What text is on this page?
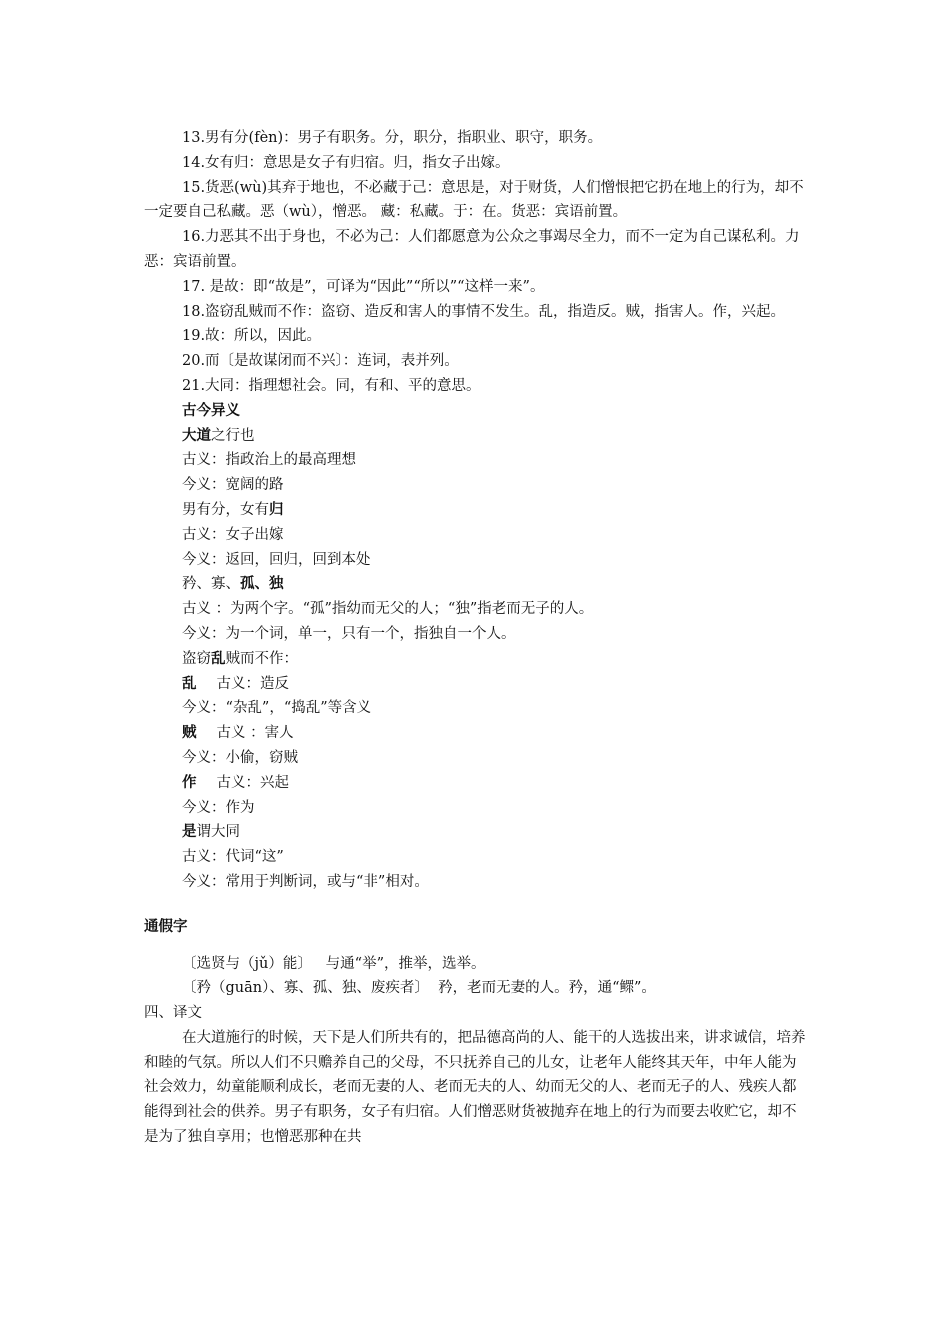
13.男有分(fèn)：男子有职务。分，职分，指职业、职守，职务。

14.女有归：意思是女子有归宿。归，指女子出嫁。

15.货恶(wù)其弃于地也，不必藏于己：意思是，对于财货，人们憎恨把它扔在地上的行为，却不一定要自己私藏。恶（wù），憎恶。 藏：私藏。于：在。货恶：宾语前置。

16.力恶其不出于身也，不必为己：人们都愿意为公众之事竭尽全力，而不一定为自己谋私利。力恶：宾语前置。

17. 是故：即“故是”，可译为“因此”“所以”“这样一来”。

18.盗窃乱贼而不作：盗窃、造反和害人的事情不发生。乱，指造反。贼，指害人。作，兴起。

19.故：所以，因此。

20.而〔是故谋闭而不兴〕：连词，表并列。

21.大同：指理想社会。同，有和、平的意思。

古今异义

大道之行也

古义：指政治上的最高理想

今义：宽阔的路

男有分，女有归

古义：女子出嫁

今义：返回，回归，回到本处

矜、寡、孤、独

古义 ：为两个字。“孤”指幼而无父的人；“独”指老而无子的人。

今义：为一个词，单一，只有一个，指独自一个人。

盗窃乱贼而不作：

乱 古义：造反

今义：“杂乱”，“捣乱”等含义

贼 古义 ：害人

今义：小偷，窃贼

作 古义：兴起

今义：作为

是谓大同

古义：代词“这”

今义：常用于判断词，或与“非”相对。

通假字

〔选贤与（jǔ）能〕   与通“举”，推举，选举。

〔矜（guān）、寡、孤、独、废疾者〕  矜，老而无妻的人。矜，通“鳏”。

四、译文

在大道施行的时候，天下是人们所共有的，把品德高尚的人、能干的人选拔出来，讲求诚信，培养和睦的气氛。所以人们不只赡养自己的父母，不只抚养自己的儿女，让老年人能终其天年，中年人能为社会效力，幼童能顺利成长，老而无妻的人、老而无夫的人、幼而无父的人、老而无子的人、残疾人都能得到社会的供养。男子有职务，女子有归宿。人们憎恶财货被抛弃在地上的行为而要去收贮它，却不是为了独自享用；也憎恶那种在共
